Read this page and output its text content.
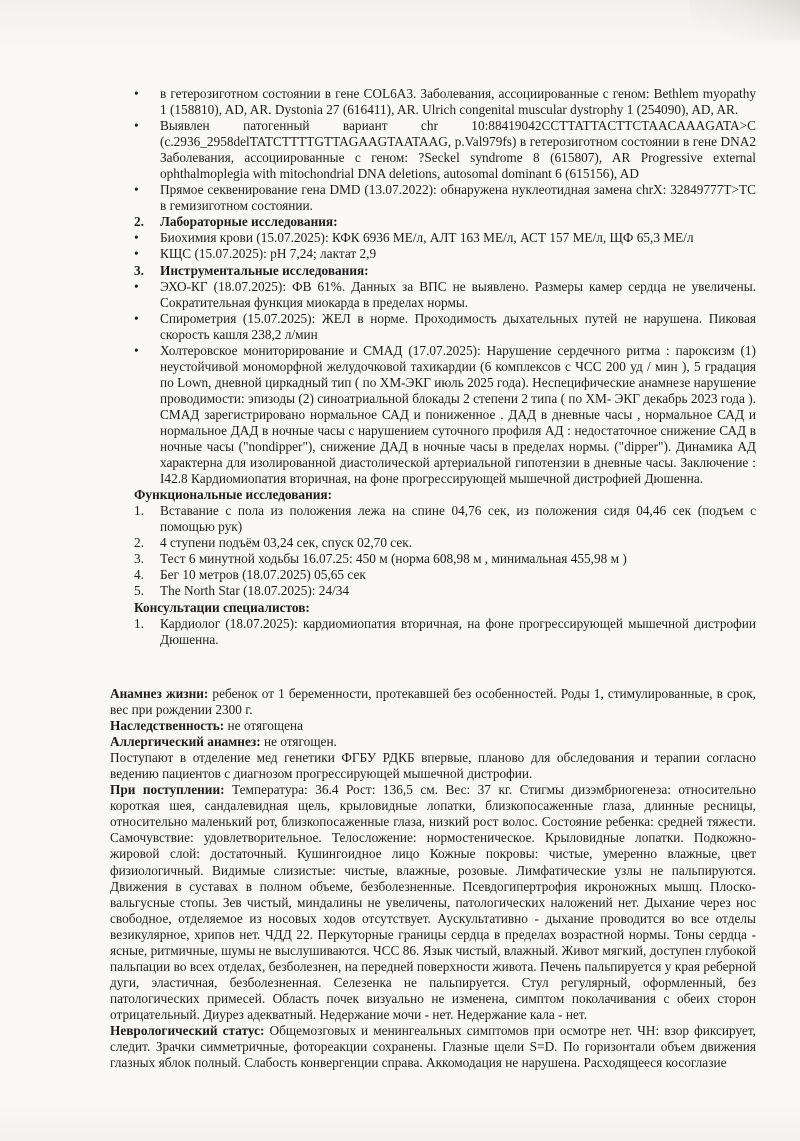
• в гетерозиготном состоянии в гене COL6A3. Заболевания, ассоциированные с геном: Bethlem myopathy 1 (158810), AD, AR. Dystonia 27 (616411), AR. Ulrich congenital muscular dystrophy 1 (254090), AD, AR.

• Выявлен патогенный вариант chr 10:88419042CCTTATTACTTCTAACAAAGATA>C (c.2936_2958delTATCTTTTGTTAGAAGTAATAAG, p.Val979fs) в гетерозиготном состоянии в гене DNA2 Заболевания, ассоциированные с геном: ?Seckel syndrome 8 (615807), AR Progressive external ophthalmoplegia with mitochondrial DNA deletions, autosomal dominant 6 (615156), AD

• Прямое секвенирование гена DMD (13.07.2022): обнаружена нуклеотидная замена chrX: 32849777T>TC в гемизиготном состоянии.

2. Лабораторные исследования:
• Биохимия крови (15.07.2025): КФК 6936 МЕ/л, АЛТ 163 МЕ/л, АСТ 157 МЕ/л, ЩФ 65,3 МЕ/л

• КЩС (15.07.2025): pH 7,24; лактат 2,9

3. Инструментальные исследования:
• ЭХО-КГ (18.07.2025): ФВ 61%. Данных за ВПС не выявлено. Размеры камер сердца не увеличены. Сократительная функция миокарда в пределах нормы.

• Спирометрия (15.07.2025): ЖЕЛ в норме. Проходимость дыхательных путей не нарушена. Пиковая скорость кашля 238,2 л/мин

• Холтеровское мониторирование и СМАД (17.07.2025): Нарушение сердечного ритма : пароксизм (1) неустойчивой мономорфной желудочковой тахикардии (6 комплексов с ЧСС 200 уд / мин ), 5 градация по Lown, дневной циркадный тип ( по ХМ-ЭКГ июль 2025 года). Неспецифические анамнезе нарушение проводимости: эпизоды (2) синоатриальной блокады 2 степени 2 типа ( по ХМ- ЭКГ декабрь 2023 года ). СМАД зарегистрировано нормальное САД и пониженное . ДАД в дневные часы , нормальное САД и нормальное ДАД в ночные часы с нарушением суточного профиля АД : недостаточное снижение САД в ночные часы ("nondipper"), снижение ДАД в ночные часы в пределах нормы. ("dipper"). Динамика АД характерна для изолированной диастолической артериальной гипотензии в дневные часы. Заключение : I42.8 Кардиомиопатия вторичная, на фоне прогрессирующей мышечной дистрофией Дюшенна.

Функциональные исследования:
1. Вставание с пола из положения лежа на спине 04,76 сек, из положения сидя 04,46 сек (подъем с помощью рук)

2. 4 ступени подъём 03,24 сек, спуск 02,70 сек.

3. Тест 6 минутной ходьбы 16.07.25: 450 м (норма 608,98 м , минимальная 455,98 м )

4. Бег 10 метров (18.07.2025) 05,65 сек

5. The North Star (18.07.2025): 24/34

Консультации специалистов:
1. Кардиолог (18.07.2025): кардиомиопатия вторичная, на фоне прогрессирующей мышечной дистрофии Дюшенна.

Анамнез жизни: ребенок от 1 беременности, протекавшей без особенностей. Роды 1, стимулированные, в срок, вес при рождении 2300 г.

Наследственность: не отягощена

Аллергический анамнез: не отягощен.

Поступают в отделение мед генетики ФГБУ РДКБ впервые, планово для обследования и терапии согласно ведению пациентов с диагнозом прогрессирующей мышечной дистрофии.

При поступлении: Температура: 36.4 Рост: 136,5 см. Вес: 37 кг. Стигмы дизэмбриогенеза: относительно короткая шея, сандалевидная щель, крыловидные лопатки, близкопосаженные глаза, длинные ресницы, относительно маленький рот, близкопосаженные глаза, низкий рост волос. Состояние ребенка: средней тяжести. Самочувствие: удовлетворительное. Телосложение: нормостеническое. Крыловидные лопатки. Подкожно-жировой слой: достаточный. Кушингоидное лицо Кожные покровы: чистые, умеренно влажные, цвет физиологичный. Видимые слизистые: чистые, влажные, розовые. Лимфатические узлы не пальпируются. Движения в суставах в полном объеме, безболезненные. Псевдогипертрофия икроножных мышц. Плоско-вальгусные стопы. Зев чистый, миндалины не увеличены, патологических наложений нет. Дыхание через нос свободное, отделяемое из носовых ходов отсутствует. Аускультативно - дыхание проводится во все отделы везикулярное, хрипов нет. ЧДД 22. Перкуторные границы сердца в пределах возрастной нормы. Тоны сердца - ясные, ритмичные, шумы не выслушиваются. ЧСС 86. Язык чистый, влажный. Живот мягкий, доступен глубокой пальпации во всех отделах, безболезнен, на передней поверхности живота. Печень пальпируется у края реберной дуги, эластичная, безболезненная. Селезенка не пальпируется. Стул регулярный, оформленный, без патологических примесей. Область почек визуально не изменена, симптом поколачивания с обеих сторон отрицательный. Диурез адекватный. Недержание мочи - нет. Недержание кала - нет.

Неврологический статус: Общемозговых и менингеальных симптомов при осмотре нет. ЧН: взор фиксирует, следит. Зрачки симметричные, фотореакции сохранены. Глазные щели S=D. По горизонтали объем движения глазных яблок полный. Слабость конвергенции справа. Аккомодация не нарушена. Расходящееся косоглазие
